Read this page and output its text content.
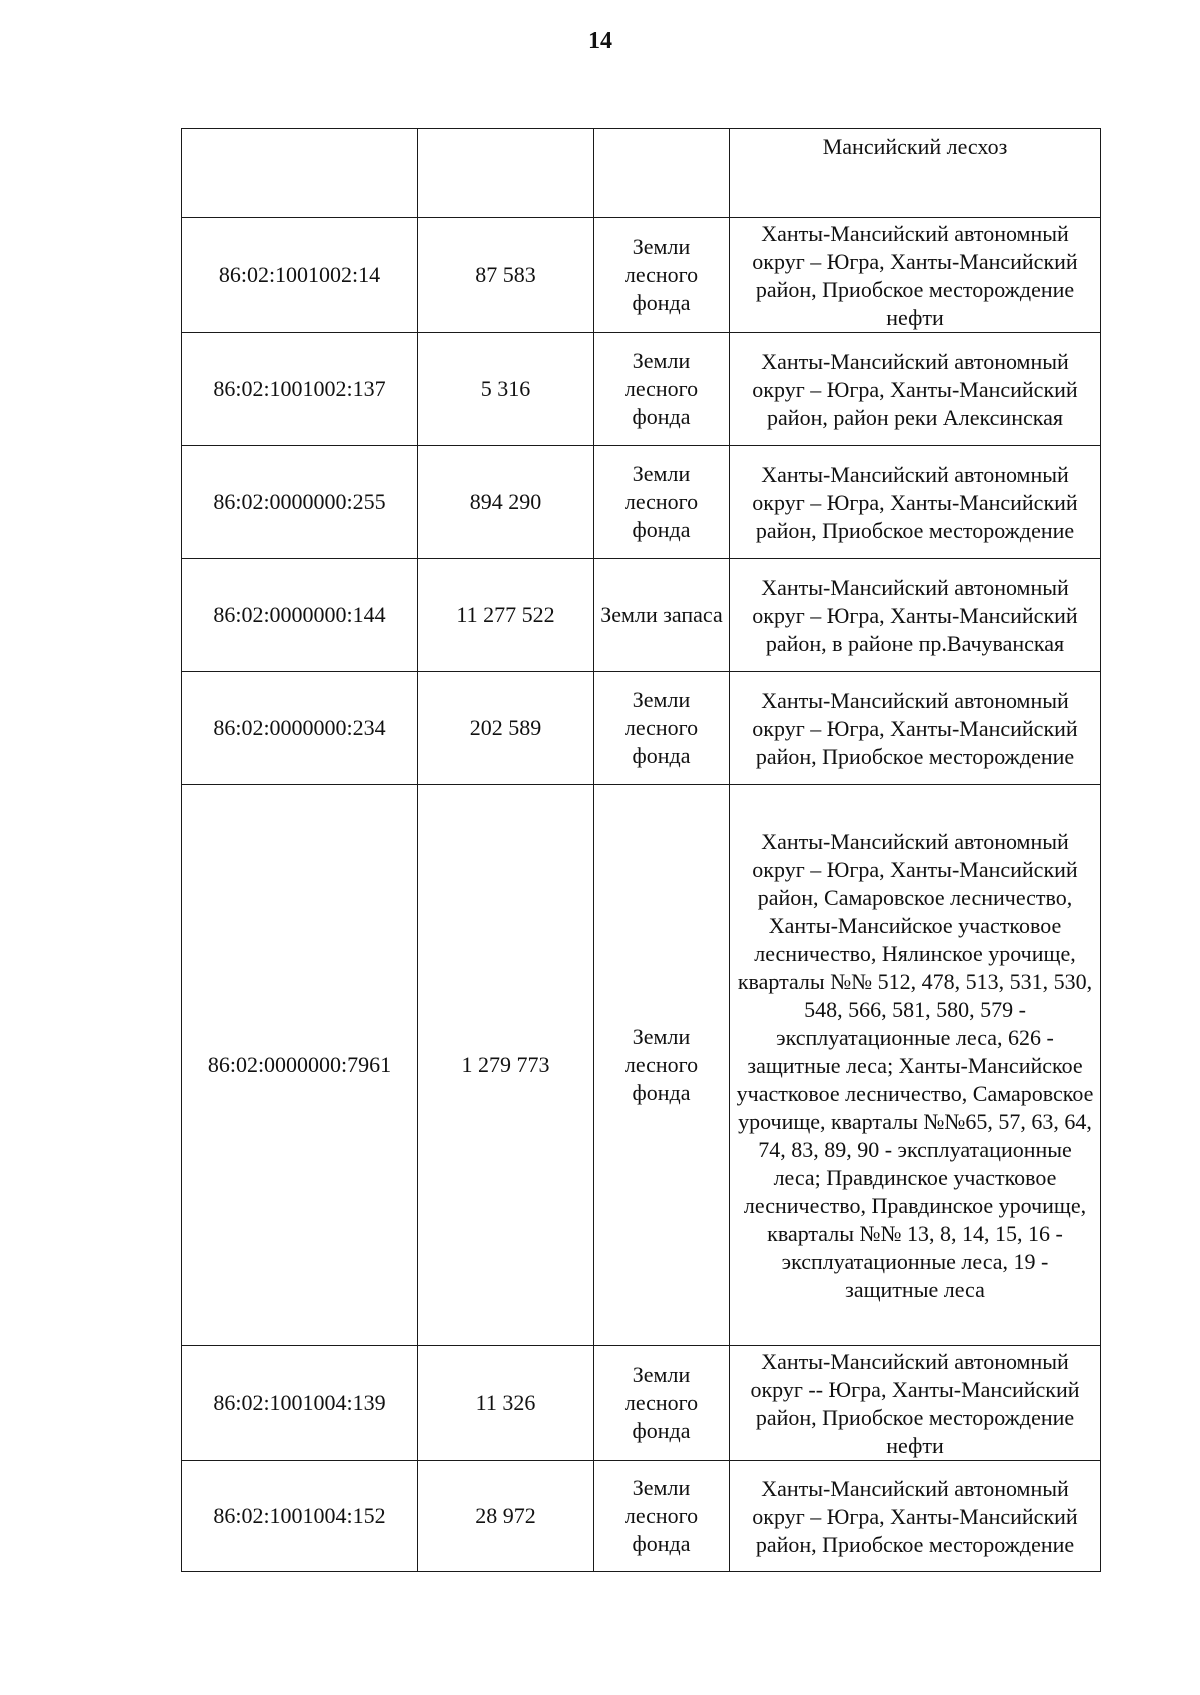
14
			Мансийский лесхоз
86:02:1001002:14	87 583	Земли лесного фонда	Ханты-Мансийский автономный округ – Югра, Ханты-Мансийский район, Приобское месторождение нефти
86:02:1001002:137	5 316	Земли лесного фонда	Ханты-Мансийский автономный округ – Югра, Ханты-Мансийский район, район реки Алексинская
86:02:0000000:255	894 290	Земли лесного фонда	Ханты-Мансийский автономный округ – Югра, Ханты-Мансийский район, Приобское месторождение
86:02:0000000:144	11 277 522	Земли запаса	Ханты-Мансийский автономный округ – Югра, Ханты-Мансийский район, в районе пр.Вачуванская
86:02:0000000:234	202 589	Земли лесного фонда	Ханты-Мансийский автономный округ – Югра, Ханты-Мансийский район, Приобское месторождение
86:02:0000000:7961	1 279 773	Земли лесного фонда	Ханты-Мансийский автономный округ – Югра, Ханты-Мансийский район, Самаровское лесничество, Ханты-Мансийское участковое лесничество, Нялинское урочище, кварталы №№ 512, 478, 513, 531, 530, 548, 566, 581, 580, 579 - эксплуатационные леса, 626 - защитные леса; Ханты-Мансийское участковое лесничество, Самаровское урочище, кварталы №№65, 57, 63, 64, 74, 83, 89, 90 - эксплуатационные леса; Правдинское участковое лесничество, Правдинское урочище, кварталы №№ 13, 8, 14, 15, 16 - эксплуатационные леса, 19 - защитные леса
86:02:1001004:139	11 326	Земли лесного фонда	Ханты-Мансийский автономный округ -- Югра, Ханты-Мансийский район, Приобское месторождение нефти
86:02:1001004:152	28 972	Земли лесного фонда	Ханты-Мансийский автономный округ – Югра, Ханты-Мансийский район, Приобское месторождение
